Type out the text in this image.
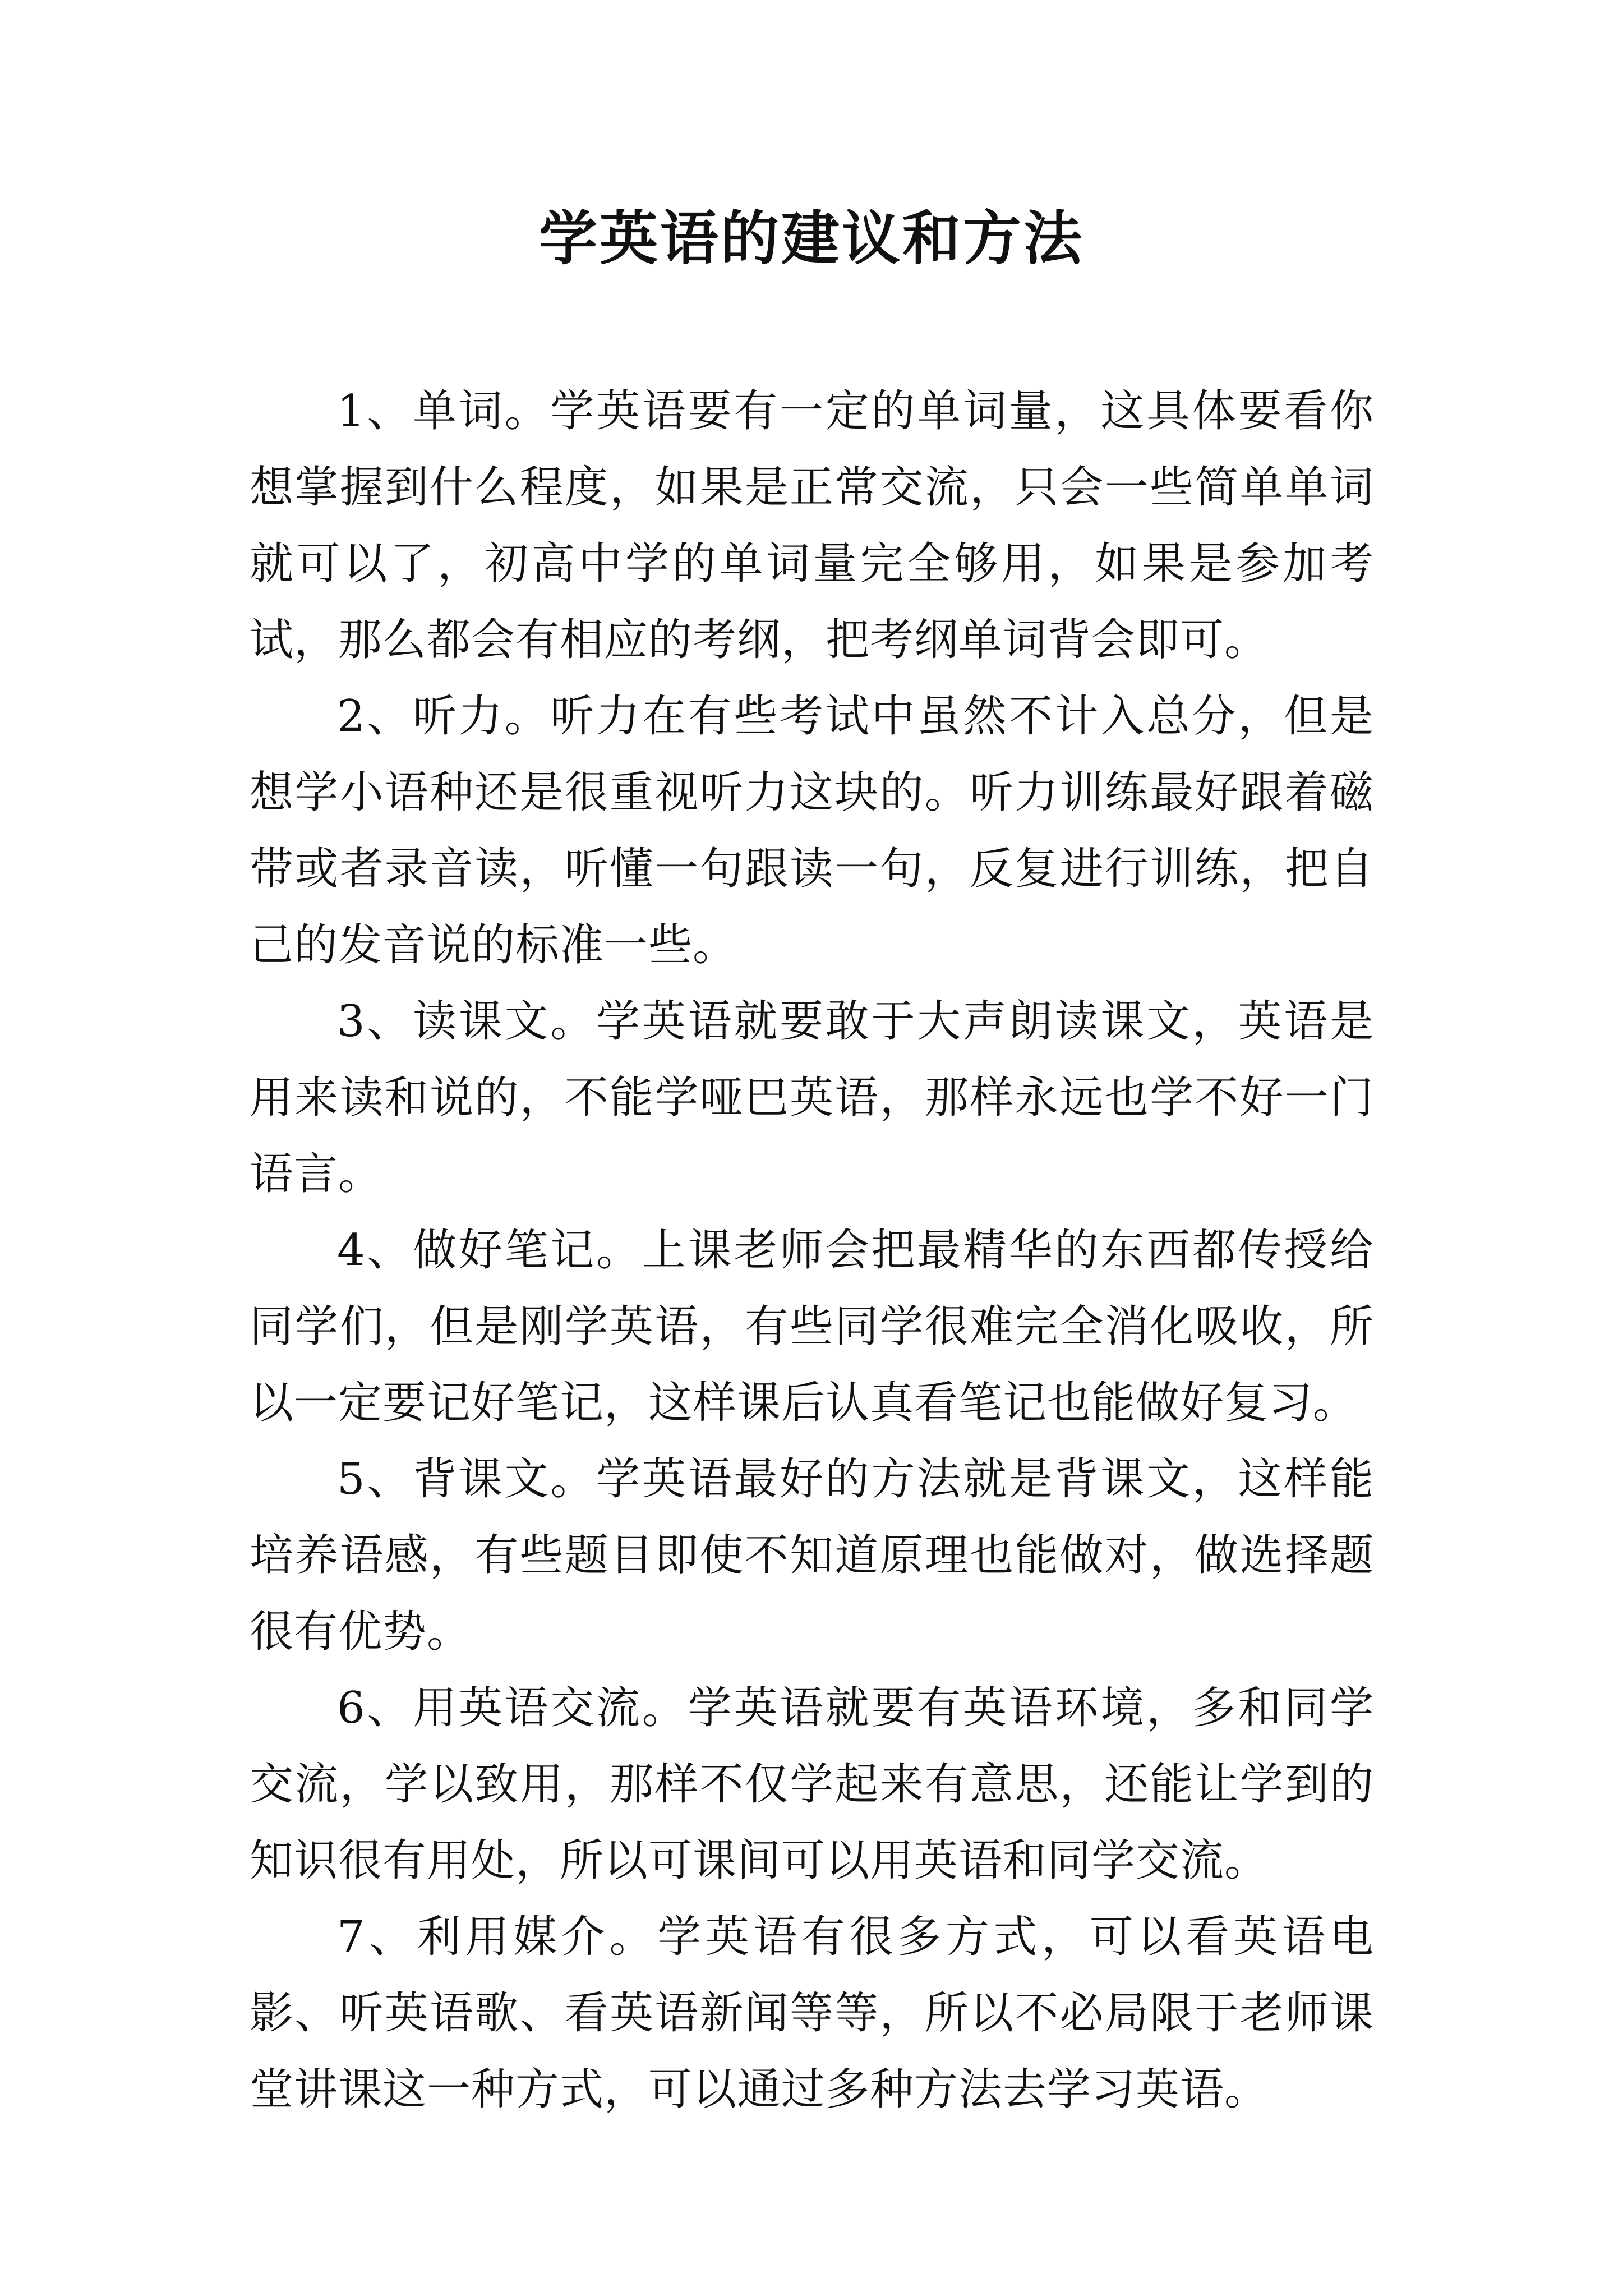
学英语的建议和方法

1、单词。学英语要有一定的单词量，这具体要看你想掌握到什么程度，如果是正常交流，只会一些简单单词就可以了，初高中学的单词量完全够用，如果是参加考试，那么都会有相应的考纲，把考纲单词背会即可。

2、听力。听力在有些考试中虽然不计入总分，但是想学小语种还是很重视听力这块的。听力训练最好跟着磁带或者录音读，听懂一句跟读一句，反复进行训练，把自己的发音说的标准一些。

3、读课文。学英语就要敢于大声朗读课文，英语是用来读和说的，不能学哑巴英语，那样永远也学不好一门语言。

4、做好笔记。上课老师会把最精华的东西都传授给同学们，但是刚学英语，有些同学很难完全消化吸收，所以一定要记好笔记，这样课后认真看笔记也能做好复习。

5、背课文。学英语最好的方法就是背课文，这样能培养语感，有些题目即使不知道原理也能做对，做选择题很有优势。

6、用英语交流。学英语就要有英语环境，多和同学交流，学以致用，那样不仅学起来有意思，还能让学到的知识很有用处，所以可课间可以用英语和同学交流。

7、利用媒介。学英语有很多方式，可以看英语电影、听英语歌、看英语新闻等等，所以不必局限于老师课堂讲课这一种方式，可以通过多种方法去学习英语。
